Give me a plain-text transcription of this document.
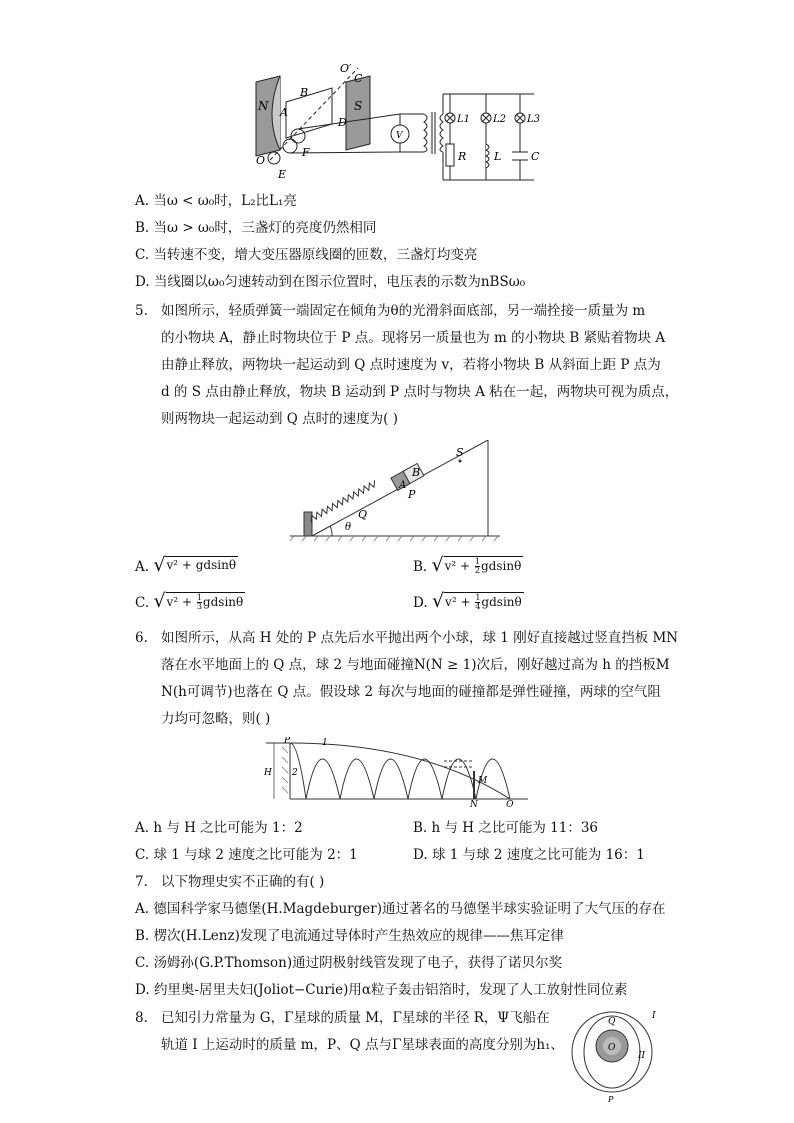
O′
C
B
N A	S
D
F
O
E
V
L1 L2 L3
R	L	C
A. 当ω < ω₀时，L₂比L₁亮
B. 当ω > ω₀时，三盏灯的亮度仍然相同
C. 当转速不变，增大变压器原线圈的匝数，三盏灯均变亮
D. 当线圈以ω₀匀速转动到在图示位置时，电压表的示数为nBSω₀
5. 如图所示，轻质弹簧一端固定在倾角为θ的光滑斜面底部，另一端拴接一质量为 m
的小物块 A，静止时物块位于 P 点。现将另一质量也为 m 的小物块 B 紧贴着物块 A
由静止释放，两物块一起运动到 Q 点时速度为 v，若将小物块 B 从斜面上距 P 点为
d 的 S 点由静止释放，物块 B 运动到 P 点时与物块 A 粘在一起，两物块可视为质点，
则两物块一起运动到 Q 点时的速度为( )
B
S
A
P
Q
θ
A. √ v² + gdsinθ	B. √ $v^2 + \frac{1}{2}$ gdsinθ
C. √ $v^2 + \frac{1}{3}$ gdsinθ	D. √ $v^2 + \frac{1}{4}$ gdsinθ
6. 如图所示，从高 H 处的 P 点先后水平抛出两个小球，球 1 刚好直接越过竖直挡板 MN
落在水平地面上的 Q 点，球 2 与地面碰撞N(N ≥ 1)次后，刚好越过高为 h 的挡板M
N(h可调节)也落在 Q 点。假设球 2 每次与地面的碰撞都是弹性碰撞，两球的空气阻
力均可忽略，则( )
P	1
H 2
M
N	Q
A. h 与 H 之比可能为 1：2	B. h 与 H 之比可能为 11：36
C. 球 1 与球 2 速度之比可能为 2：1	D. 球 1 与球 2 速度之比可能为 16：1
7. 以下物理史实不正确的有( )
A. 德国科学家马德堡(H.Magdeburger)通过著名的马德堡半球实验证明了大气压的存在
B. 楞次(H.Lenz)发现了电流通过导体时产生热效应的规律——焦耳定律
C. 汤姆孙(G.P.Thomson)通过阴极射线管发现了电子，获得了诺贝尔奖
D. 约里奥-居里夫妇(Joliot−Curie)用α粒子轰击铝箔时，发现了人工放射性同位素
8. 已知引力常量为 G，Γ星球的质量 M，Γ星球的半径 R，Ψ飞船在
轨道 I 上运动时的质量 m，P、Q 点与Γ星球表面的高度分别为h₁、
Q
O
I
II
P
